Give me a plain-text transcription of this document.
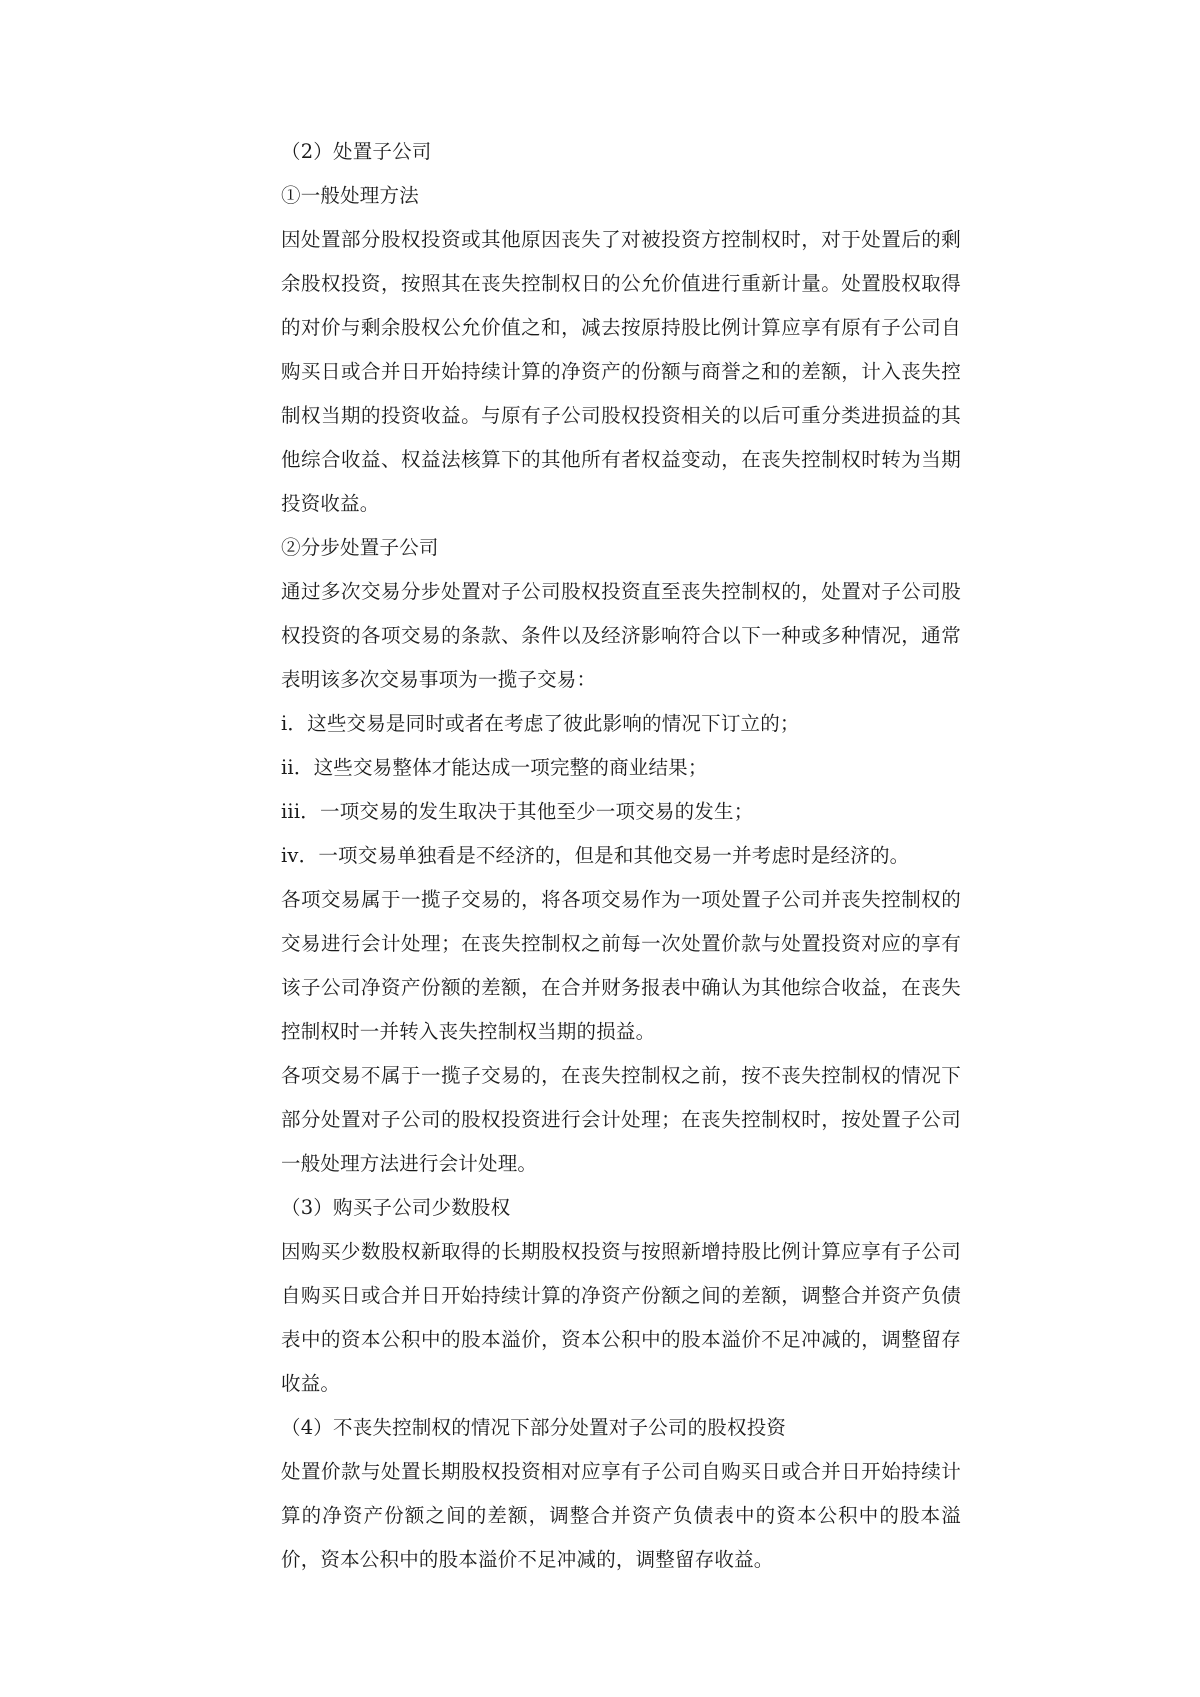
（2）处置子公司

①一般处理方法

因处置部分股权投资或其他原因丧失了对被投资方控制权时，对于处置后的剩余股权投资，按照其在丧失控制权日的公允价值进行重新计量。处置股权取得的对价与剩余股权公允价值之和，减去按原持股比例计算应享有原有子公司自购买日或合并日开始持续计算的净资产的份额与商誉之和的差额，计入丧失控制权当期的投资收益。与原有子公司股权投资相关的以后可重分类进损益的其他综合收益、权益法核算下的其他所有者权益变动，在丧失控制权时转为当期投资收益。

②分步处置子公司

通过多次交易分步处置对子公司股权投资直至丧失控制权的，处置对子公司股权投资的各项交易的条款、条件以及经济影响符合以下一种或多种情况，通常表明该多次交易事项为一揽子交易：

i．这些交易是同时或者在考虑了彼此影响的情况下订立的；

ii．这些交易整体才能达成一项完整的商业结果；

iii．一项交易的发生取决于其他至少一项交易的发生；

iv．一项交易单独看是不经济的，但是和其他交易一并考虑时是经济的。

各项交易属于一揽子交易的，将各项交易作为一项处置子公司并丧失控制权的交易进行会计处理；在丧失控制权之前每一次处置价款与处置投资对应的享有该子公司净资产份额的差额，在合并财务报表中确认为其他综合收益，在丧失控制权时一并转入丧失控制权当期的损益。

各项交易不属于一揽子交易的，在丧失控制权之前，按不丧失控制权的情况下部分处置对子公司的股权投资进行会计处理；在丧失控制权时，按处置子公司一般处理方法进行会计处理。

（3）购买子公司少数股权

因购买少数股权新取得的长期股权投资与按照新增持股比例计算应享有子公司自购买日或合并日开始持续计算的净资产份额之间的差额，调整合并资产负债表中的资本公积中的股本溢价，资本公积中的股本溢价不足冲减的，调整留存收益。

（4）不丧失控制权的情况下部分处置对子公司的股权投资

处置价款与处置长期股权投资相对应享有子公司自购买日或合并日开始持续计算的净资产份额之间的差额，调整合并资产负债表中的资本公积中的股本溢价，资本公积中的股本溢价不足冲减的，调整留存收益。
